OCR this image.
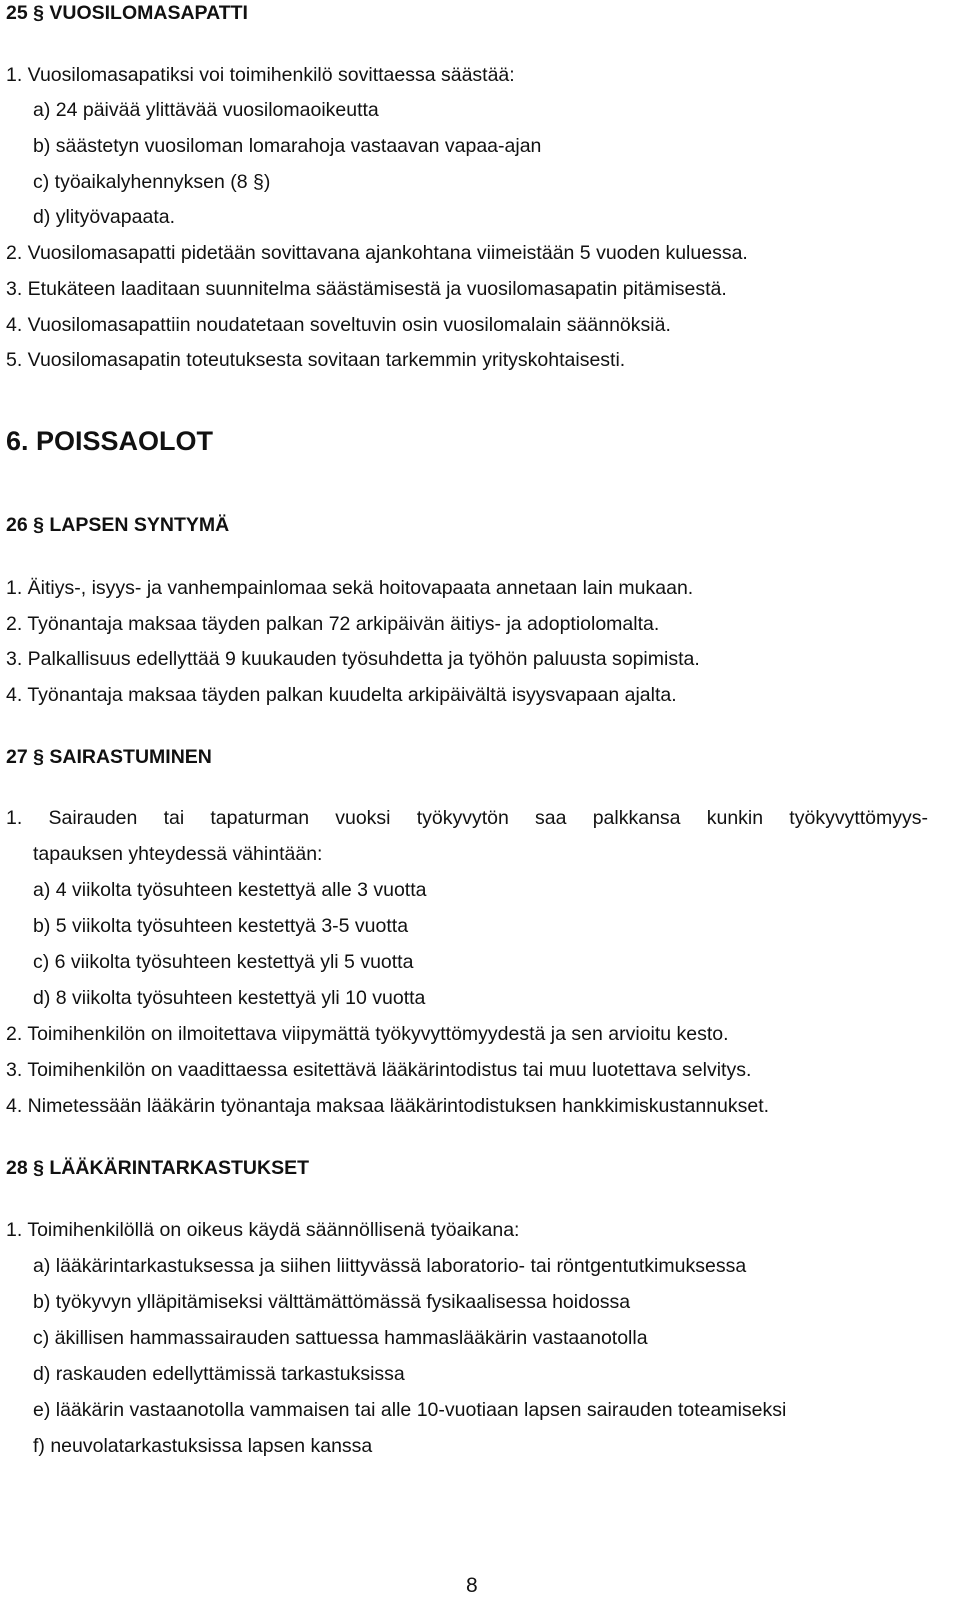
25 § VUOSILOMASAPATTI
1. Vuosilomasapatiksi voi toimihenkilö sovittaessa säästää:
a) 24 päivää ylittävää vuosilomaoikeutta
b) säästetyn vuosiloman lomarahoja vastaavan vapaa-ajan
c) työaikalyhennyksen (8 §)
d) ylityövapaata.
2. Vuosilomasapatti pidetään sovittavana ajankohtana viimeistään 5 vuoden kuluessa.
3. Etukäteen laaditaan suunnitelma säästämisestä ja vuosilomasapatin pitämisestä.
4. Vuosilomasapattiin noudatetaan soveltuvin osin vuosilomalain säännöksiä.
5. Vuosilomasapatin toteutuksesta sovitaan tarkemmin yrityskohtaisesti.
6. POISSAOLOT
26 § LAPSEN SYNTYMÄ
1. Äitiys-, isyys- ja vanhempainlomaa sekä hoitovapaata annetaan lain mukaan.
2. Työnantaja maksaa täyden palkan 72 arkipäivän äitiys- ja adoptiolomalta.
3. Palkallisuus edellyttää 9 kuukauden työsuhdetta ja työhön paluusta sopimista.
4. Työnantaja maksaa täyden palkan kuudelta arkipäivältä isyysvapaan ajalta.
27 § SAIRASTUMINEN
1. Sairauden tai tapaturman vuoksi työkyvytön saa palkkansa kunkin työkyvyttömyys-
tapauksen yhteydessä vähintään:
a) 4 viikolta työsuhteen kestettyä alle 3 vuotta
b) 5 viikolta työsuhteen kestettyä 3-5 vuotta
c) 6 viikolta työsuhteen kestettyä yli 5 vuotta
d) 8 viikolta työsuhteen kestettyä yli 10 vuotta
2. Toimihenkilön on ilmoitettava viipymättä työkyvyttömyydestä ja sen arvioitu kesto.
3. Toimihenkilön on vaadittaessa esitettävä lääkärintodistus tai muu luotettava selvitys.
4. Nimetessään lääkärin työnantaja maksaa lääkärintodistuksen hankkimiskustannukset.
28 § LÄÄKÄRINTARKASTUKSET
1. Toimihenkilöllä on oikeus käydä säännöllisenä työaikana:
a) lääkärintarkastuksessa ja siihen liittyvässä laboratorio- tai röntgentutkimuksessa
b) työkyvyn ylläpitämiseksi välttämättömässä fysikaalisessa hoidossa
c) äkillisen hammassairauden sattuessa hammaslääkärin vastaanotolla
d) raskauden edellyttämissä tarkastuksissa
e) lääkärin vastaanotolla vammaisen tai alle 10-vuotiaan lapsen sairauden toteamiseksi
f) neuvolatarkastuksissa lapsen kanssa
8
